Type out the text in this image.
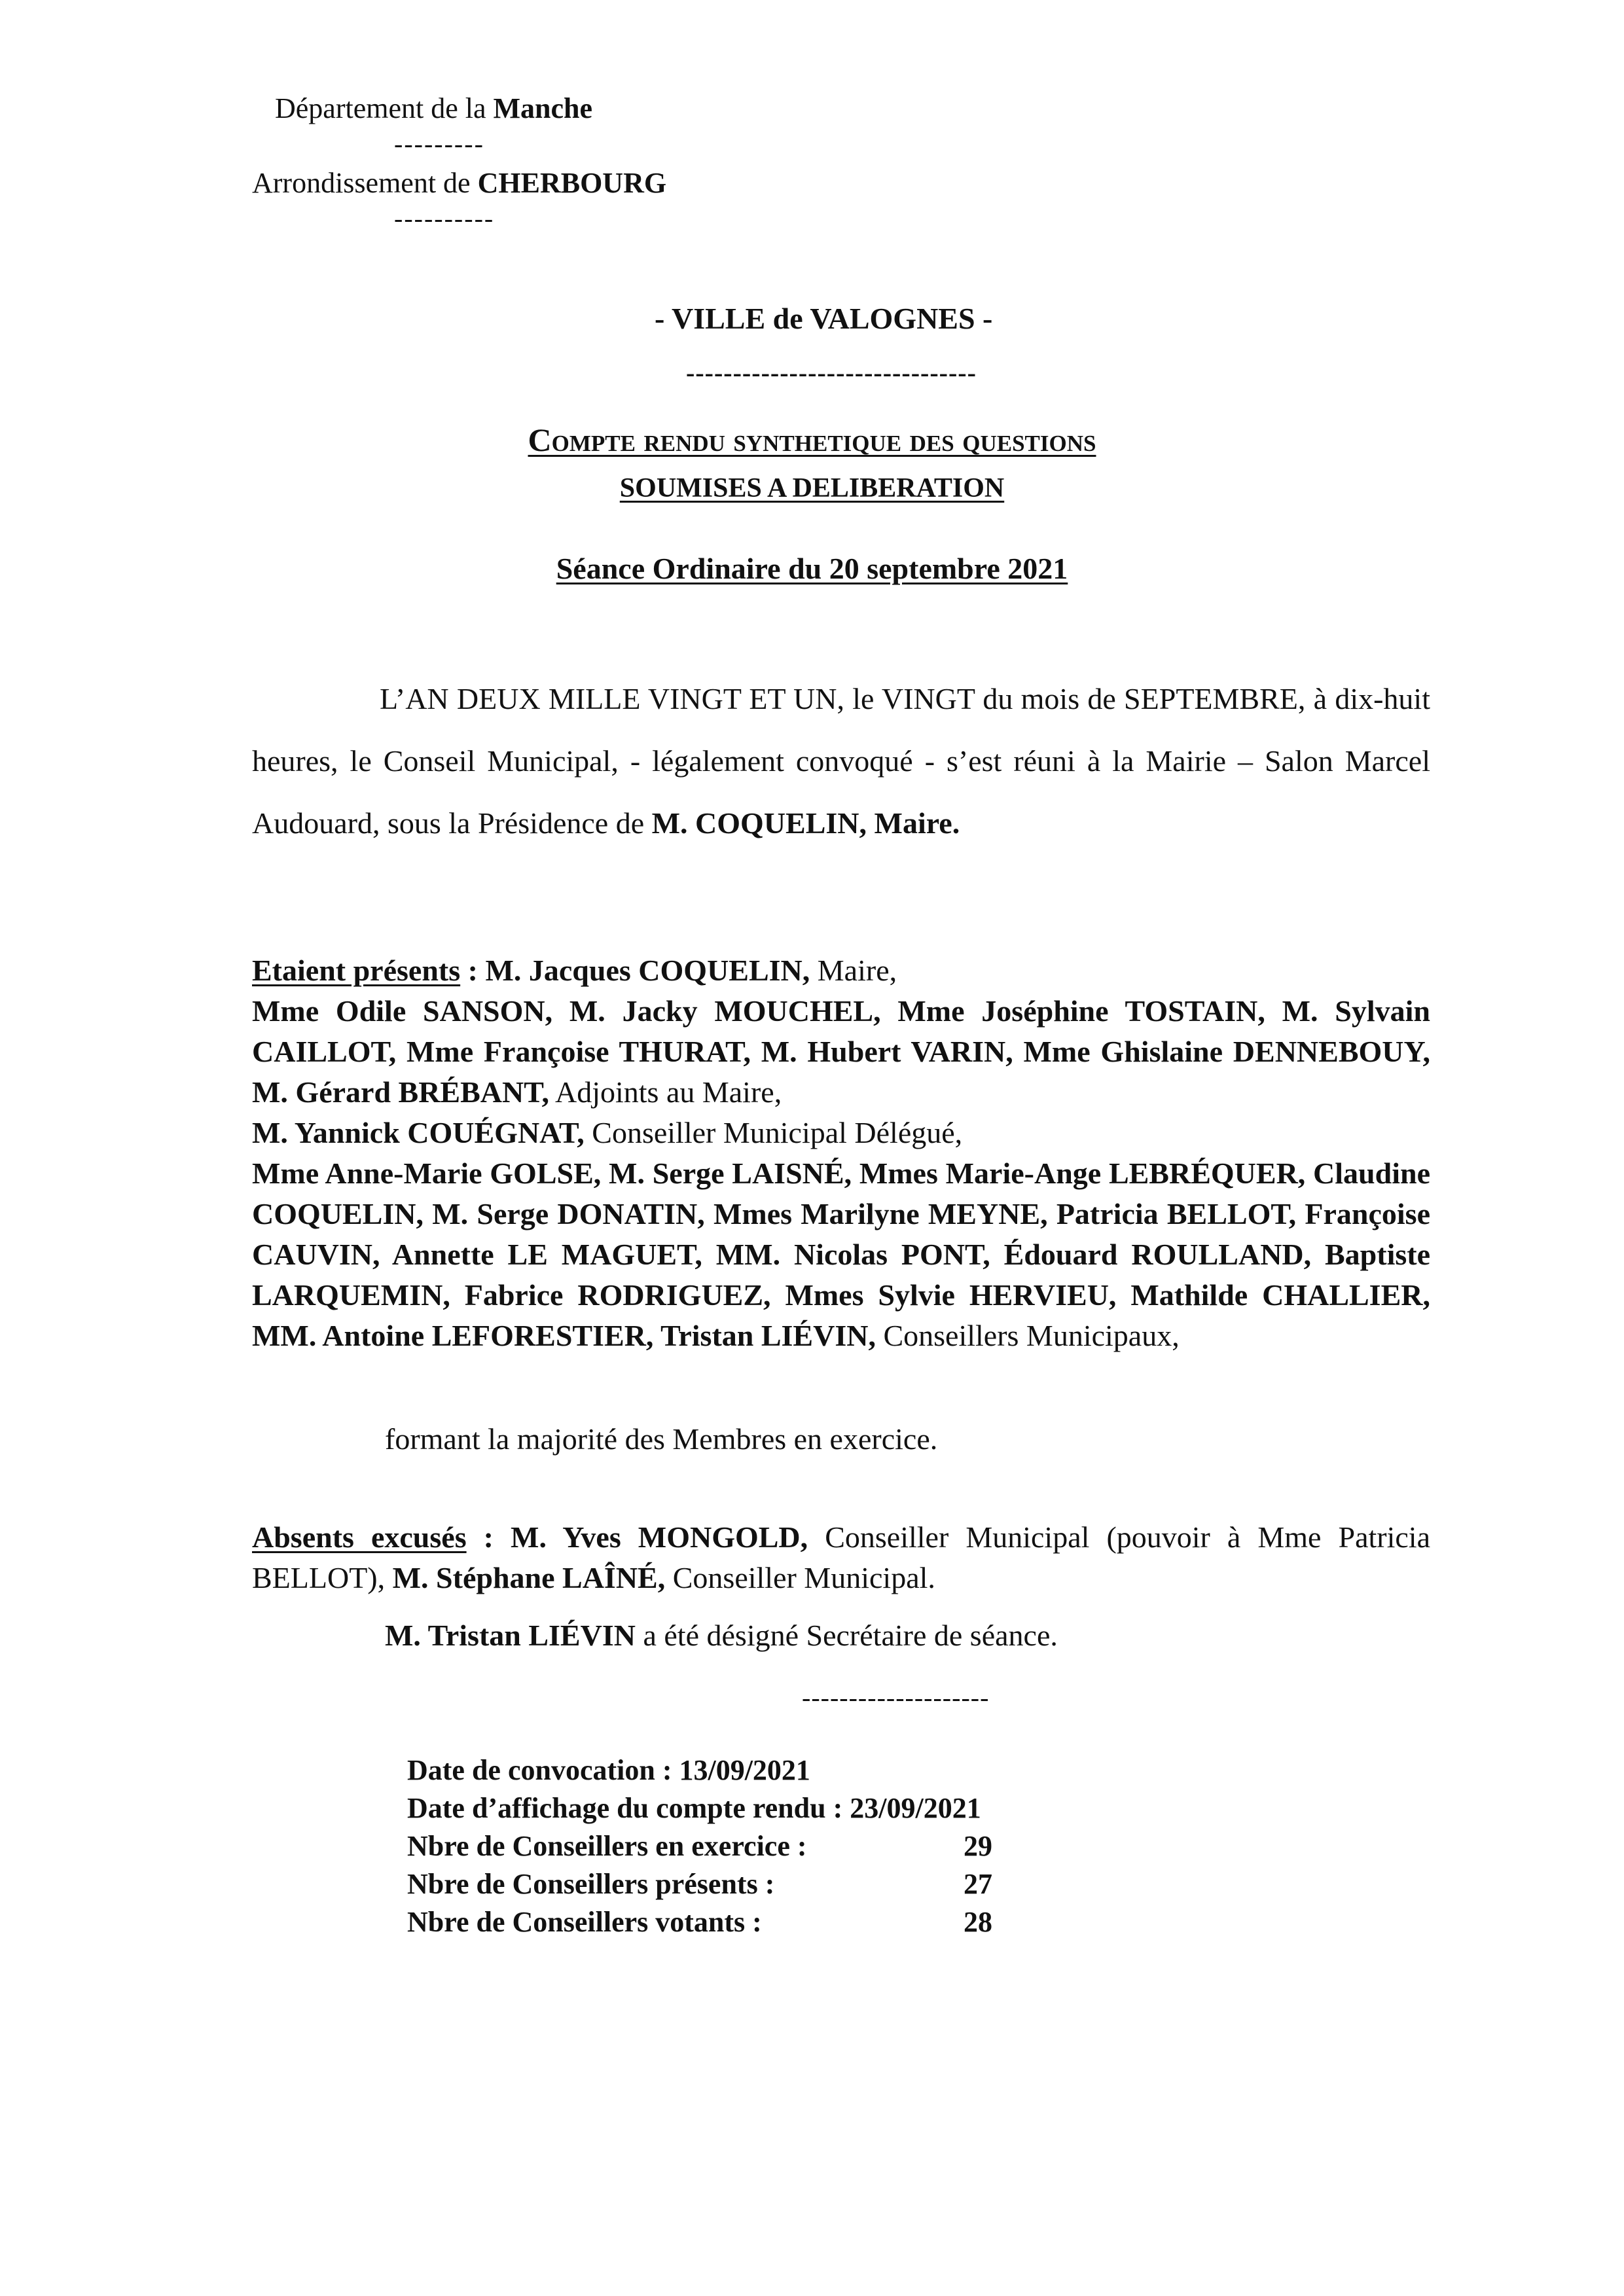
Département de la Manche
---------
Arrondissement de CHERBOURG
----------
- VILLE de VALOGNES -
-------------------------------
Compte rendu synthetique des questions
SOUMISES A DELIBERATION
Séance Ordinaire du 20 septembre 2021
L’AN DEUX MILLE VINGT ET UN, le VINGT du mois de SEPTEMBRE, à dix-huit heures, le Conseil Municipal, - légalement convoqué - s’est réuni à la Mairie – Salon Marcel Audouard, sous la Présidence de M. COQUELIN, Maire.
Etaient présents : M. Jacques COQUELIN, Maire,
Mme Odile SANSON, M. Jacky MOUCHEL, Mme Joséphine TOSTAIN, M. Sylvain CAILLOT, Mme Françoise THURAT, M. Hubert VARIN, Mme Ghislaine DENNEBOUY, M. Gérard BRÉBANT, Adjoints au Maire,
M. Yannick COUÉGNAT, Conseiller Municipal Délégué,
Mme Anne-Marie GOLSE, M. Serge LAISNÉ, Mmes Marie-Ange LEBRÉQUER, Claudine COQUELIN, M. Serge DONATIN, Mmes Marilyne MEYNE, Patricia BELLOT, Françoise CAUVIN, Annette LE MAGUET, MM. Nicolas PONT, Édouard ROULLAND, Baptiste LARQUEMIN, Fabrice RODRIGUEZ, Mmes Sylvie HERVIEU, Mathilde CHALLIER, MM. Antoine LEFORESTIER, Tristan LIÉVIN, Conseillers Municipaux,
formant la majorité des Membres en exercice.
Absents excusés : M. Yves MONGOLD, Conseiller Municipal (pouvoir à Mme Patricia BELLOT), M. Stéphane LAÎNÉ, Conseiller Municipal.
M. Tristan LIÉVIN a été désigné Secrétaire de séance.
--------------------
Date de convocation : 13/09/2021
Date d’affichage du compte rendu : 23/09/2021
Nbre de Conseillers en exercice :	29
Nbre de Conseillers présents :	27
Nbre de Conseillers votants :	28
